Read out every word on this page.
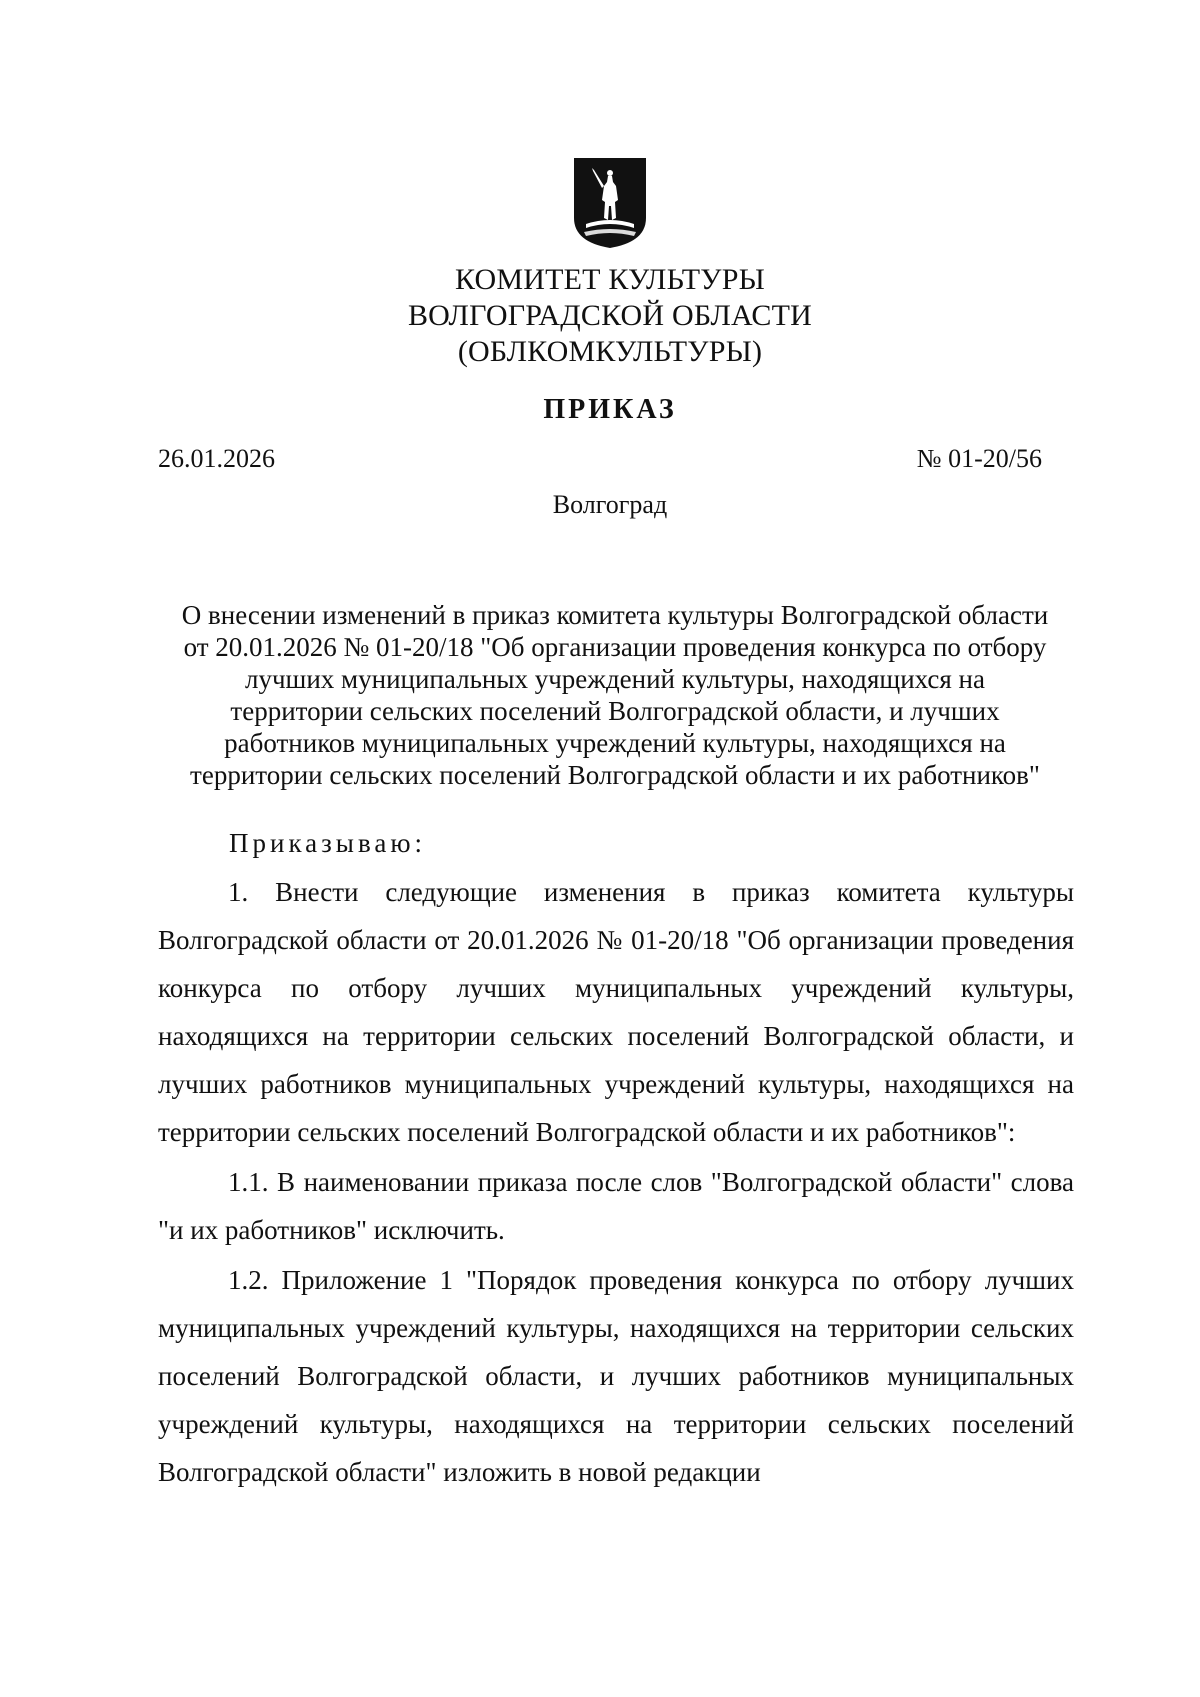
КОМИТЕТ КУЛЬТУРЫ
ВОЛГОГРАДСКОЙ ОБЛАСТИ
(ОБЛКОМКУЛЬТУРЫ)
ПРИКАЗ
26.01.2026	№ 01-20/56
Волгоград
О внесении изменений в приказ комитета культуры Волгоградской области
от 20.01.2026 № 01-20/18 "Об организации проведения конкурса по отбору
лучших муниципальных учреждений культуры, находящихся на
территории сельских поселений Волгоградской области, и лучших
работников муниципальных учреждений культуры, находящихся на
территории сельских поселений Волгоградской области и их работников"
Приказываю:

1. Внести следующие изменения в приказ комитета культуры Волгоградской области от 20.01.2026 № 01-20/18 "Об организации проведения конкурса по отбору лучших муниципальных учреждений культуры, находящихся на территории сельских поселений Волгоградской области, и лучших работников муниципальных учреждений культуры, находящихся на территории сельских поселений Волгоградской области и их работников":

1.1. В наименовании приказа после слов "Волгоградской области" слова "и их работников" исключить.

1.2. Приложение 1 "Порядок проведения конкурса по отбору лучших муниципальных учреждений культуры, находящихся на территории сельских поселений Волгоградской области, и лучших работников муниципальных учреждений культуры, находящихся на территории сельских поселений Волгоградской области" изложить в новой редакции
